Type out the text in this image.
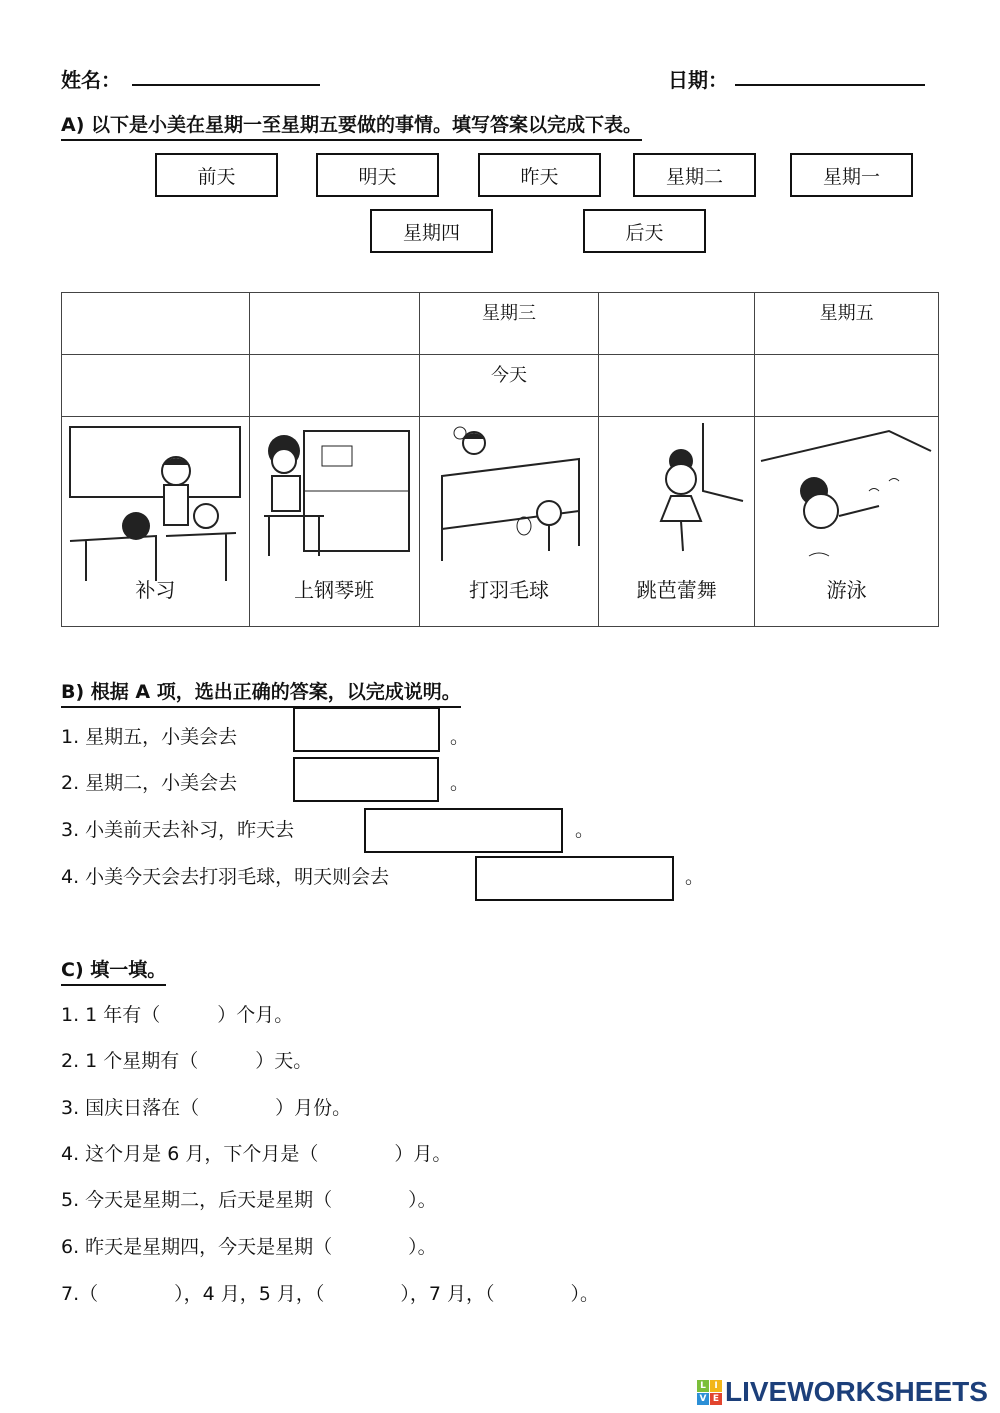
姓名：	日期：
A) 以下是小美在星期一至星期五要做的事情。填写答案以完成下表。
前天	明天	昨天	星期二	星期一
星期四	后天
		星期三		星期五
		今天		

补习	上钢琴班	打羽毛球	跳芭蕾舞	游泳
B) 根据 A 项，选出正确的答案，以完成说明。
1. 星期五，小美会去	。
2. 星期二，小美会去	。
3. 小美前天去补习，昨天去	。
4. 小美今天会去打羽毛球，明天则会去	。
C) 填一填。
1. 1 年有（　　　）个月。
2. 1 个星期有（　　　）天。
3. 国庆日落在（　　　　）月份。
4. 这个月是 6 月，下个月是（　　　　）月。
5. 今天是星期二，后天是星期（　　　　）。
6. 昨天是星期四，今天是星期（　　　　）。
7.（　　　　），4 月，5 月，（　　　　），7 月，（　　　　）。
L I
V E LIVEWORKSHEETS
